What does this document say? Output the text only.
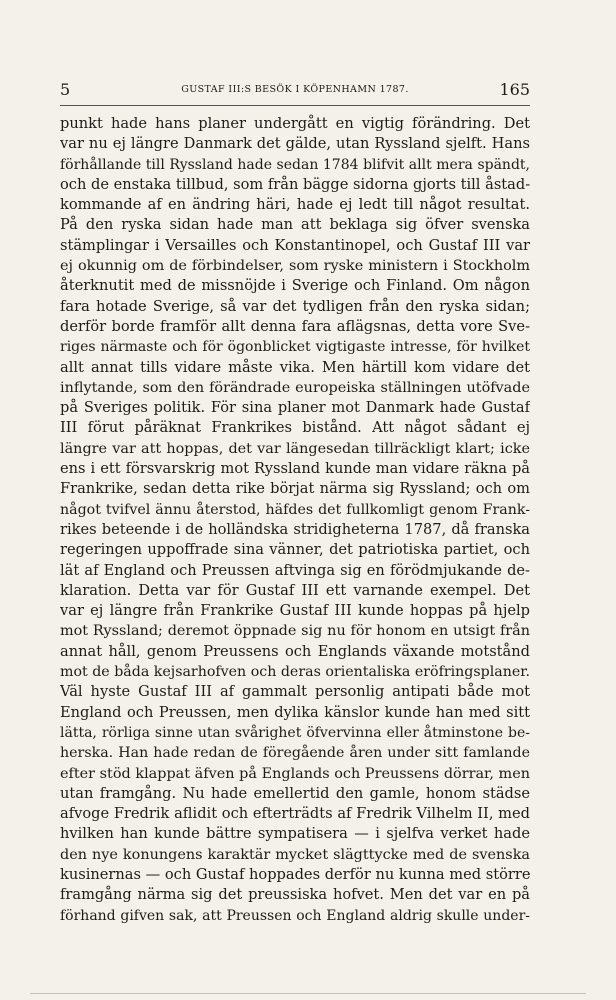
5	GUSTAF III:S BESÖK I KÖPENHAMN 1787.	165
punkt hade hans planer undergått en vigtig förändring. Det
var nu ej längre Danmark det gälde, utan Ryssland sjelft. Hans
förhållande till Ryssland hade sedan 1784 blifvit allt mera spändt,
och de enstaka tillbud, som från bägge sidorna gjorts till åstad-
kommande af en ändring häri, hade ej ledt till något resultat.
På den ryska sidan hade man att beklaga sig öfver svenska
stämplingar i Versailles och Konstantinopel, och Gustaf III var
ej okunnig om de förbindelser, som ryske ministern i Stockholm
återknutit med de missnöjde i Sverige och Finland. Om någon
fara hotade Sverige, så var det tydligen från den ryska sidan;
derför borde framför allt denna fara aflägsnas, detta vore Sve-
riges närmaste och för ögonblicket vigtigaste intresse, för hvilket
allt annat tills vidare måste vika. Men härtill kom vidare det
inflytande, som den förändrade europeiska ställningen utöfvade
på Sveriges politik. För sina planer mot Danmark hade Gustaf
III förut påräknat Frankrikes bistånd. Att något sådant ej
längre var att hoppas, det var längesedan tillräckligt klart; icke
ens i ett försvarskrig mot Ryssland kunde man vidare räkna på
Frankrike, sedan detta rike börjat närma sig Ryssland; och om
något tvifvel ännu återstod, häfdes det fullkomligt genom Frank-
rikes beteende i de holländska stridigheterna 1787, då franska
regeringen uppoffrade sina vänner, det patriotiska partiet, och
lät af England och Preussen aftvinga sig en förödmjukande de-
klaration. Detta var för Gustaf III ett varnande exempel. Det
var ej längre från Frankrike Gustaf III kunde hoppas på hjelp
mot Ryssland; deremot öppnade sig nu för honom en utsigt från
annat håll, genom Preussens och Englands växande motstånd
mot de båda kejsarhofven och deras orientaliska eröfringsplaner.
Väl hyste Gustaf III af gammalt personlig antipati både mot
England och Preussen, men dylika känslor kunde han med sitt
lätta, rörliga sinne utan svårighet öfvervinna eller åtminstone be-
herska. Han hade redan de föregående åren under sitt famlande
efter stöd klappat äfven på Englands och Preussens dörrar, men
utan framgång. Nu hade emellertid den gamle, honom städse
afvoge Fredrik aflidit och efterträdts af Fredrik Vilhelm II, med
hvilken han kunde bättre sympatisera — i sjelfva verket hade
den nye konungens karaktär mycket slägttycke med de svenska
kusinernas — och Gustaf hoppades derför nu kunna med större
framgång närma sig det preussiska hofvet. Men det var en på
förhand gifven sak, att Preussen och England aldrig skulle under-
